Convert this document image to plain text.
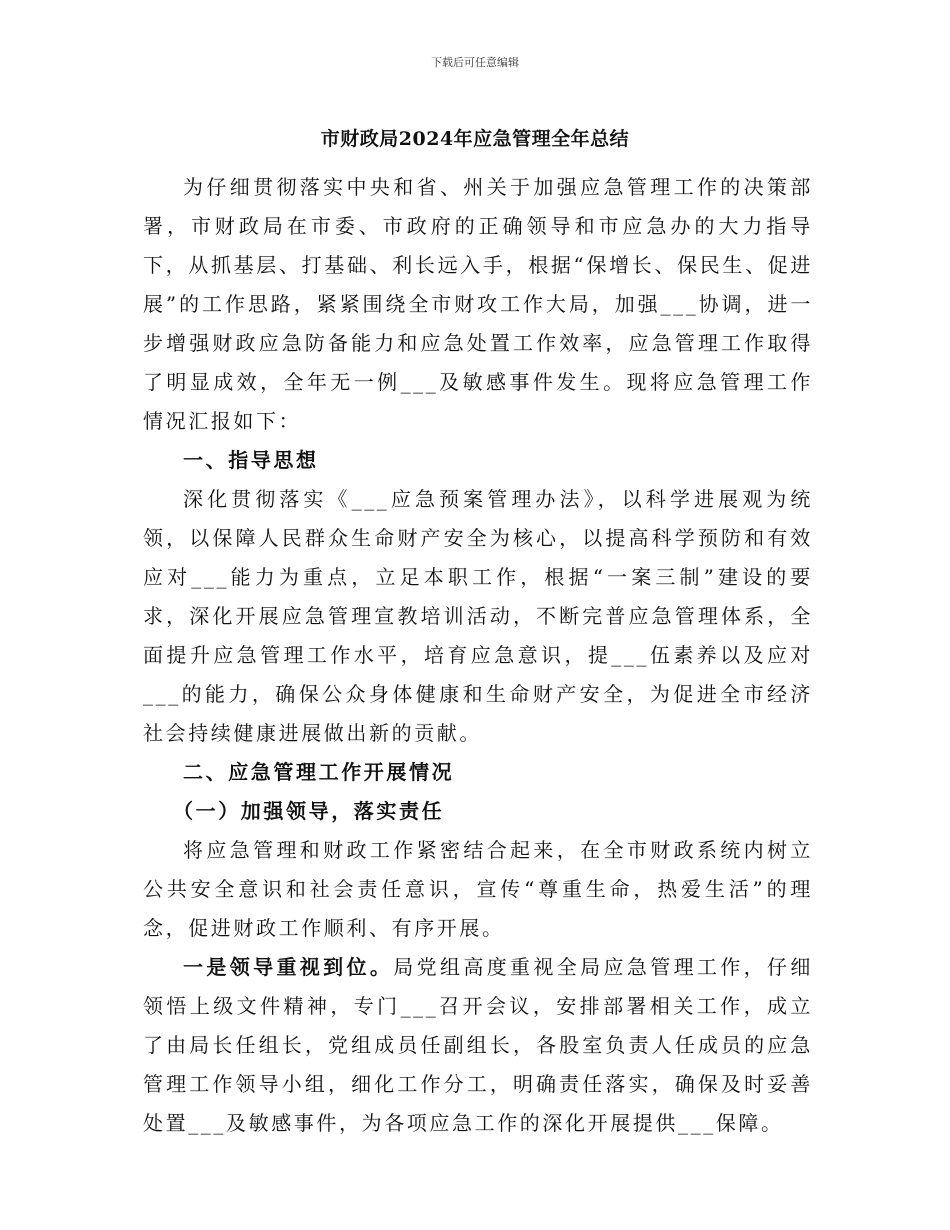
下载后可任意编辑
市财政局2024年应急管理全年总结

为仔细贯彻落实中央和省、州关于加强应急管理工作的决策部署，市财政局在市委、市政府的正确领导和市应急办的大力指导下，从抓基层、打基础、利长远入手，根据“保增长、保民生、促进展”的工作思路，紧紧围绕全市财攻工作大局，加强___协调，进一步增强财政应急防备能力和应急处置工作效率，应急管理工作取得了明显成效，全年无一例___及敏感事件发生。现将应急管理工作情况汇报如下：

一、指导思想

深化贯彻落实《___应急预案管理办法》，以科学进展观为统领，以保障人民群众生命财产安全为核心，以提高科学预防和有效应对___能力为重点，立足本职工作，根据“一案三制”建设的要求，深化开展应急管理宣教培训活动，不断完普应急管理体系，全面提升应急管理工作水平，培育应急意识，提___伍素养以及应对___的能力，确保公众身体健康和生命财产安全，为促进全市经济社会持续健康进展做出新的贡献。

二、应急管理工作开展情况
（一）加强领导，落实责任

将应急管理和财政工作紧密结合起来，在全市财政系统内树立公共安全意识和社会责任意识，宣传“尊重生命，热爱生活”的理念，促进财政工作顺利、有序开展。

一是领导重视到位。局党组高度重视全局应急管理工作，仔细领悟上级文件精神，专门___召开会议，安排部署相关工作，成立了由局长任组长，党组成员任副组长，各股室负责人任成员的应急管理工作领导小组，细化工作分工，明确责任落实，确保及时妥善处置___及敏感事件，为各项应急工作的深化开展提供___保障。
